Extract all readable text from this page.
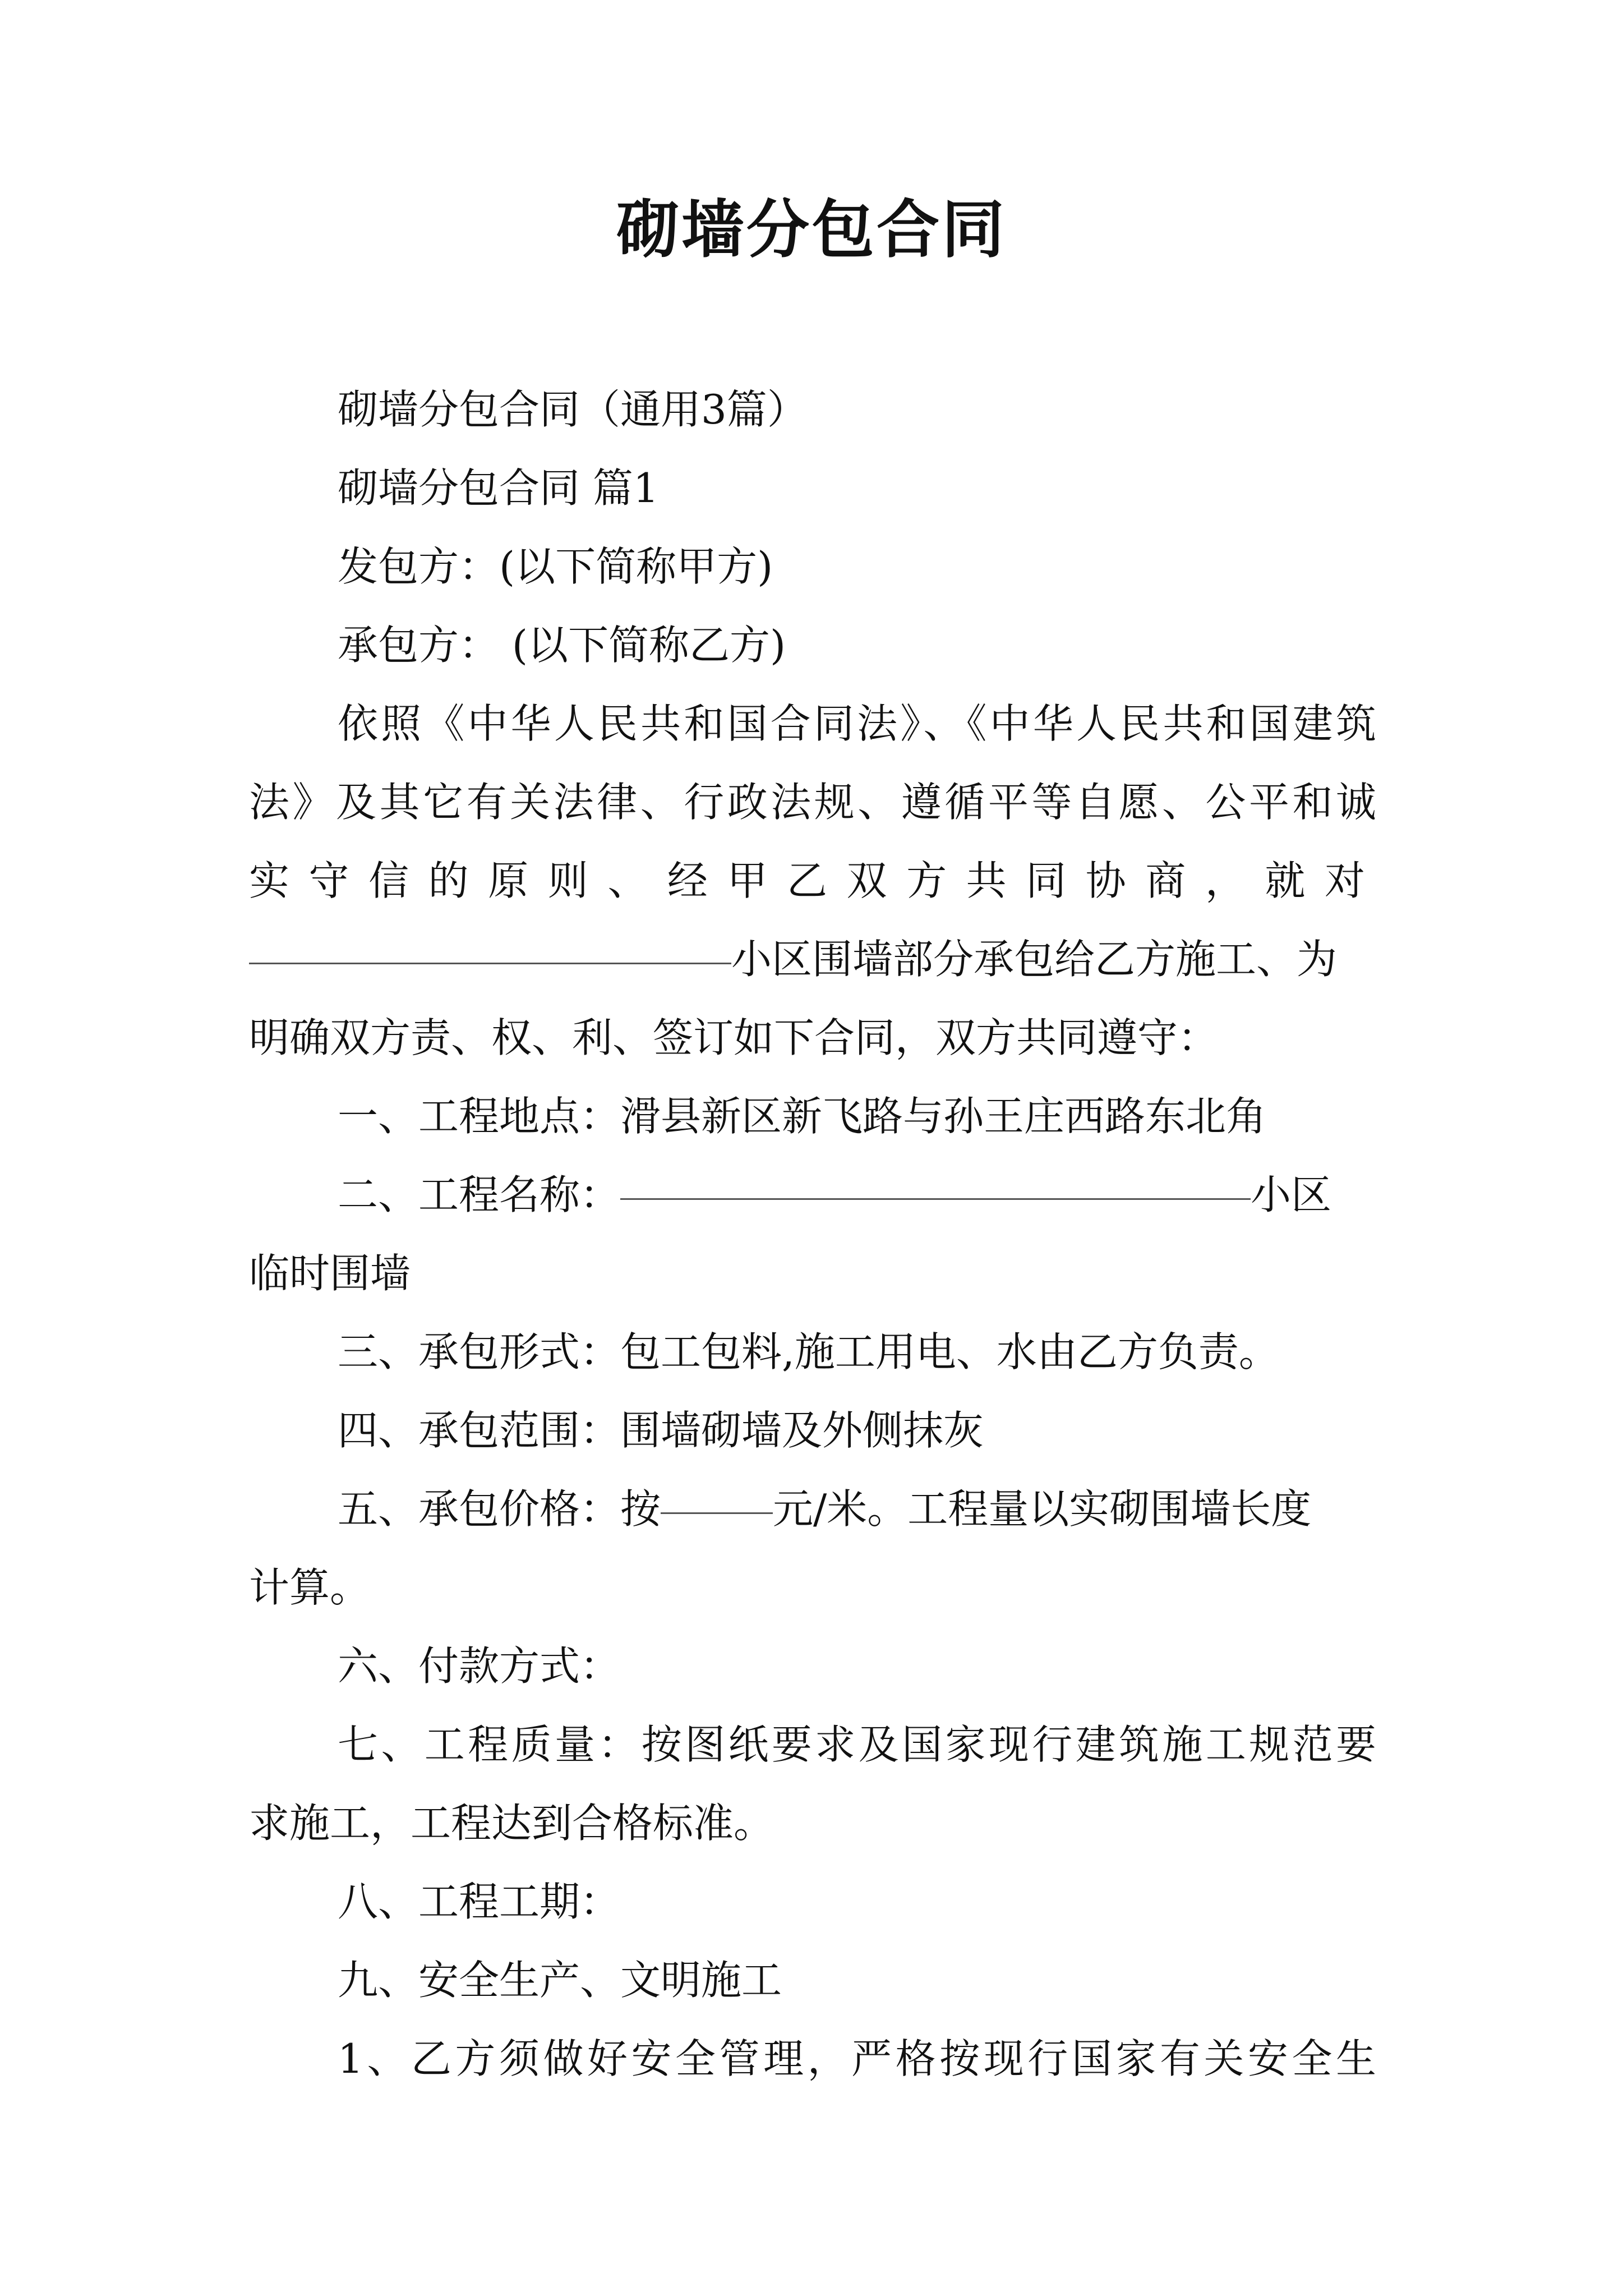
砌墙分包合同

砌墙分包合同（通用3篇）

砌墙分包合同 篇1

发包方：(以下简称甲方)

承包方： (以下简称乙方)

依照《中华人民共和国合同法》、《中华人民共和国建筑

法》及其它有关法律、行政法规、遵循平等自愿、公平和诚

实守信的原则、经甲乙双方共同协商，就对

小区围墙部分承包给乙方施工、为

明确双方责、权、利、签订如下合同，双方共同遵守：

一、工程地点：滑县新区新飞路与孙王庄西路东北角

二、工程名称：	小区

临时围墙

三、承包形式：包工包料,施工用电、水由乙方负责。

四、承包范围：围墙砌墙及外侧抹灰

五、承包价格：按	元/米。工程量以实砌围墙长度

计算。

六、付款方式：

七、工程质量：按图纸要求及国家现行建筑施工规范要

求施工，工程达到合格标准。

八、工程工期：

九、安全生产、文明施工

1、乙方须做好安全管理，严格按现行国家有关安全生
